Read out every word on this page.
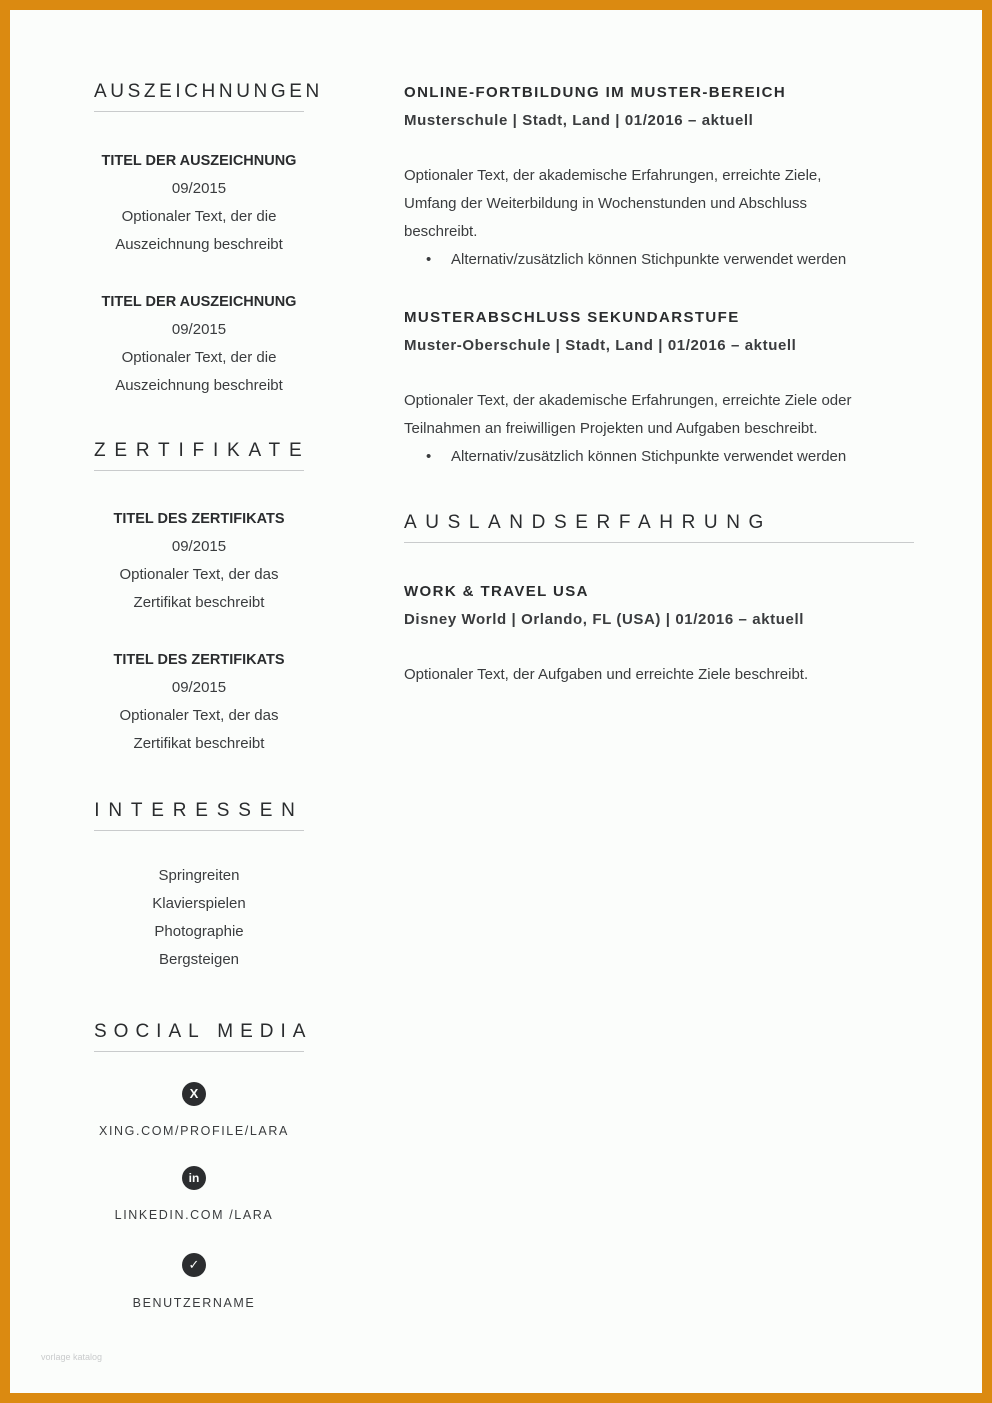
AUSZEICHNUNGEN
TITEL DER AUSZEICHNUNG
09/2015
Optionaler Text, der die
Auszeichnung beschreibt
TITEL DER AUSZEICHNUNG
09/2015
Optionaler Text, der die
Auszeichnung beschreibt
ZERTIFIKATE
TITEL DES ZERTIFIKATS
09/2015
Optionaler Text, der das
Zertifikat beschreibt
TITEL DES ZERTIFIKATS
09/2015
Optionaler Text, der das
Zertifikat beschreibt
INTERESSEN
Springreiten
Klavierspielen
Photographie
Bergsteigen
SOCIAL MEDIA
X
XING.COM/PROFILE/LARA
in
LINKEDIN.COM /LARA
✓
BENUTZERNAME
ONLINE-FORTBILDUNG IM MUSTER-BEREICH
Musterschule | Stadt, Land | 01/2016 – aktuell
Optionaler Text, der akademische Erfahrungen, erreichte Ziele, Umfang der Weiterbildung in Wochenstunden und Abschluss beschreibt.
• Alternativ/zusätzlich können Stichpunkte verwendet werden
MUSTERABSCHLUSS SEKUNDARSTUFE
Muster-Oberschule | Stadt, Land | 01/2016 – aktuell
Optionaler Text, der akademische Erfahrungen, erreichte Ziele oder Teilnahmen an freiwilligen Projekten und Aufgaben beschreibt.
• Alternativ/zusätzlich können Stichpunkte verwendet werden
AUSLANDSERFAHRUNG
WORK & TRAVEL USA
Disney World | Orlando, FL (USA) | 01/2016 – aktuell
Optionaler Text, der Aufgaben und erreichte Ziele beschreibt.
vorlage katalog
